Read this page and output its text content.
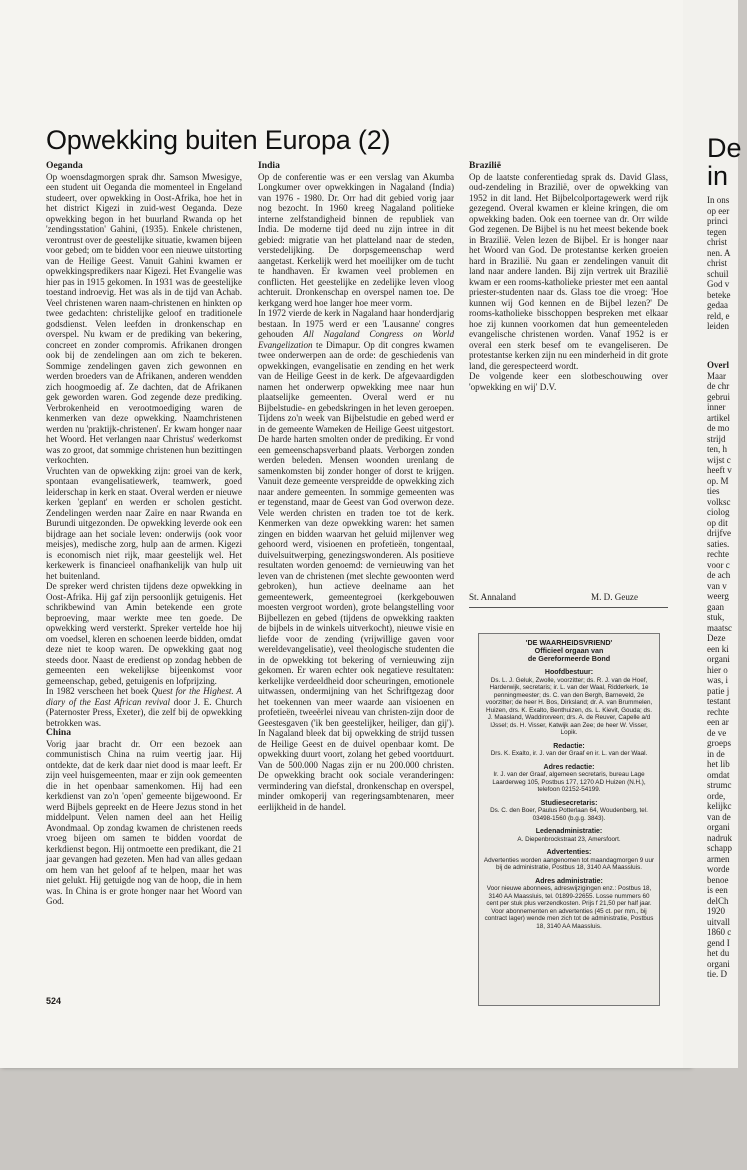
Opwekking buiten Europa (2)

Oeganda

Op woensdagmorgen sprak dhr. Samson Mwesigye, een student uit Oeganda die momenteel in Engeland studeert, over opwekking in Oost-Afrika, hoe het in het district Kigezi in zuid-west Oeganda. Deze opwekking begon in het buurland Rwanda op het 'zendingsstation' Gahini, (1935). Enkele christenen, verontrust over de geestelijke situatie, kwamen bijeen voor gebed; om te bidden voor een nieuwe uitstorting van de Heilige Geest. Vanuit Gahini kwamen er opwekkingspredikers naar Kigezi. Het Evangelie was hier pas in 1915 gekomen. In 1931 was de geestelijke toestand indroevig. Het was als in de tijd van Achab. Veel christenen waren naam-christenen en hinkten op twee gedachten: christelijke geloof en traditionele godsdienst. Velen leefden in dronkenschap en overspel. Nu kwam er de prediking van bekering, concreet en zonder compromis. Afrikanen drongen ook bij de zendelingen aan om zich te bekeren. Sommige zendelingen gaven zich gewonnen en werden broeders van de Afrikanen, anderen wendden zich hoogmoedig af. Ze dachten, dat de Afrikanen gek geworden waren. God zegende deze prediking. Verbrokenheid en verootmoediging waren de kenmerken van deze opwekking. Naamchristenen werden nu 'praktijk-christenen'. Er kwam honger naar het Woord. Het verlangen naar Christus' wederkomst was zo groot, dat sommige christenen hun bezittingen verkochten.

Vruchten van de opwekking zijn: groei van de kerk, spontaan evangelisatiewerk, teamwerk, goed leiderschap in kerk en staat. Overal werden er nieuwe kerken 'geplant' en werden er scholen gesticht. Zendelingen werden naar Zaïre en naar Rwanda en Burundi uitgezonden. De opwekking leverde ook een bijdrage aan het sociale leven: onderwijs (ook voor meisjes), medische zorg, hulp aan de armen. Kigezi is economisch niet rijk, maar geestelijk wel. Het kerkewerk is financieel onafhankelijk van hulp uit het buitenland.

De spreker werd christen tijdens deze opwekking in Oost-Afrika. Hij gaf zijn persoonlijk getuigenis. Het schrikbewind van Amin betekende een grote beproeving, maar werkte mee ten goede. De opwekking werd versterkt. Spreker vertelde hoe hij om voedsel, kleren en schoenen leerde bidden, omdat deze niet te koop waren. De opwekking gaat nog steeds door. Naast de eredienst op zondag hebben de gemeenten een wekelijkse bijeenkomst voor gemeenschap, gebed, getuigenis en lofprijzing.

In 1982 verscheen het boek Quest for the Highest. A diary of the East African revival door J. E. Church (Paternoster Press, Exeter), die zelf bij de opwekking betrokken was.

China

Vorig jaar bracht dr. Orr een bezoek aan communistisch China na ruim veertig jaar. Hij ontdekte, dat de kerk daar niet dood is maar leeft. Er zijn veel huisgemeenten, maar er zijn ook gemeenten die in het openbaar samenkomen. Hij had een kerkdienst van zo'n 'open' gemeente bijgewoond. Er werd Bijbels gepreekt en de Heere Jezus stond in het middelpunt. Velen namen deel aan het Heilig Avondmaal. Op zondag kwamen de christenen reeds vroeg bijeen om samen te bidden voordat de kerkdienst begon. Hij ontmoette een predikant, die 21 jaar gevangen had gezeten. Men had van alles gedaan om hem van het geloof af te helpen, maar het was niet gelukt. Hij getuigde nog van de hoop, die in hem was. In China is er grote honger naar het Woord van God.

India

Op de conferentie was er een verslag van Akumba Longkumer over opwekkingen in Nagaland (India) van 1976 - 1980. Dr. Orr had dit gebied vorig jaar nog bezocht. In 1960 kreeg Nagaland politieke interne zelfstandigheid binnen de republiek van India. De moderne tijd deed nu zijn intree in dit gebied: migratie van het platteland naar de steden, verstedelijking. De dorpsgemeenschap werd aangetast. Kerkelijk werd het moeilijker om de tucht te handhaven. Er kwamen veel problemen en conflicten. Het geestelijke en zedelijke leven vloog achteruit. Dronkenschap en overspel namen toe. De kerkgang werd hoe langer hoe meer vorm.

In 1972 vierde de kerk in Nagaland haar honderdjarig bestaan. In 1975 werd er een 'Lausanne' congres gehouden All Nagaland Congress on World Evangelization te Dimapur. Op dit congres kwamen twee onderwerpen aan de orde: de geschiedenis van opwekkingen, evangelisatie en zending en het werk van de Heilige Geest in de kerk. De afgevaardigden namen het onderwerp opwekking mee naar hun plaatselijke gemeenten. Overal werd er nu Bijbelstudie- en gebedskringen in het leven geroepen. Tijdens zo'n week van Bijbelstudie en gebed werd er in de gemeente Wameken de Heilige Geest uitgestort. De harde harten smolten onder de prediking. Er vond een gemeenschapsverband plaats. Verborgen zonden werden beleden. Mensen woonden urenlang de samenkomsten bij zonder honger of dorst te krijgen. Vanuit deze gemeente verspreidde de opwekking zich naar andere gemeenten. In sommige gemeenten was er tegenstand, maar de Geest van God overwon deze. Vele werden christen en traden toe tot de kerk. Kenmerken van deze opwekking waren: het samen zingen en bidden waarvan het geluid mijlenver weg gehoord werd, visioenen en profetieën, tongentaal, duivelsuitwerping, genezingswonderen. Als positieve resultaten worden genoemd: de vernieuwing van het leven van de christenen (met slechte gewoonten werd gebroken), hun actieve deelname aan het gemeentewerk, gemeentegroei (kerkgebouwen moesten vergroot worden), grote belangstelling voor Bijbellezen en gebed (tijdens de opwekking raakten de bijbels in de winkels uitverkocht), nieuwe visie en liefde voor de zending (vrijwillige gaven voor wereldevangelisatie), veel theologische studenten die in de opwekking tot bekering of vernieuwing zijn gekomen. Er waren echter ook negatieve resultaten: kerkelijke verdeeldheid door scheuringen, emotionele uitwassen, ondermijning van het Schriftgezag door het toekennen van meer waarde aan visioenen en profetieën, tweeërlei niveau van christen-zijn door de Geestesgaven ('ik ben geestelijker, heiliger, dan gij'). In Nagaland bleek dat bij opwekking de strijd tussen de Heilige Geest en de duivel openbaar komt. De opwekking duurt voort, zolang het gebed voortduurt. Van de 500.000 Nagas zijn er nu 200.000 christen. De opwekking bracht ook sociale veranderingen: vermindering van diefstal, dronkenschap en overspel, minder omkoperij van regeringsambtenaren, meer eerlijkheid in de handel.

Brazilië

Op de laatste conferentiedag sprak ds. David Glass, oud-zendeling in Brazilië, over de opwekking van 1952 in dit land. Het Bijbelcolportagewerk werd rijk gezegend. Overal kwamen er kleine kringen, die om opwekking baden. Ook een toernee van dr. Orr wilde God zegenen. De Bijbel is nu het meest bekende boek in Brazilië. Velen lezen de Bijbel. Er is honger naar het Woord van God. De protestantse kerken groeien hard in Brazilië. Nu gaan er zendelingen vanuit dit land naar andere landen. Bij zijn vertrek uit Brazilië kwam er een rooms-katholieke priester met een aantal priester-studenten naar ds. Glass toe die vroeg: 'Hoe kunnen wij God kennen en de Bijbel lezen?' De rooms-katholieke bisschoppen bespreken met elkaar hoe zij kunnen voorkomen dat hun gemeenteleden evangelische christenen worden. Vanaf 1952 is er overal een sterk besef om te evangeliseren. De protestantse kerken zijn nu een minderheid in dit grote land, die gerespecteerd wordt.

De volgende keer een slotbeschouwing over 'opwekking en wij' D.V.

St. Annaland	M. D. Geuze

'DE WAARHEIDSVRIEND'

Officieel orgaan van

de Gereformeerde Bond

Hoofdbestuur:

Ds. L. J. Geluk, Zwolle, voorzitter; ds. R. J. van de Hoef, Harderwijk, secretaris; ir. L. van der Waal, Ridderkerk, 1e penningmeester; ds. C. van den Bergh, Barneveld, 2e voorzitter; de heer H. Bos, Dirksland; dr. A. van Brummelen, Huizen, drs. K. Exalto, Benthuizen, ds. L. Kievit, Gouda; ds. J. Maasland, Waddinxveen; drs. A. de Reuver, Capelle a/d IJssel; ds. H. Visser, Katwijk aan Zee; de heer W. Visser, Lopik.

Redactie:

Drs. K. Exalto, ir. J. van der Graaf en ir. L. van der Waal.

Adres redactie:

Ir. J. van der Graaf, algemeen secretaris, bureau Lage Laarderweg 105, Postbus 177, 1270 AD Huizen (N.H.), telefoon 02152-54199.

Studiesecretaris:

Ds. C. den Boer, Paulus Potterlaan 64, Woudenberg, tel. 03498-1560 (b.g.g. 3843).

Ledenadministratie:

A. Diepenbrockstraat 23, Amersfoort.

Advertenties:

Advertenties worden aangenomen tot maandagmorgen 9 uur bij de administratie, Postbus 18, 3140 AA Maassluis.

Adres administratie:

Voor nieuwe abonnees, adreswijzigingen enz.: Postbus 18, 3140 AA Maassluis, tel. 01899-22655. Losse nummers 60 cent per stuk plus verzendkosten. Prijs f 21,50 per half jaar. Voor abonnementen en advertenties (45 ct. per mm., bij contract lager) wende men zich tot de administratie, Postbus 18, 3140 AA Maassluis.

524
De
in
In ons
op eer
princi
tegen
christ
nen. A
christ
schuil
God v
beteke
gedaa
reld, e
leiden
Overl
Maar
de chr
gebrui
inner
artikel
de mo
strijd
ten, h
wijst c
heeft v
op. M
ties
volksc
ciolog
op dit
drijfve
saties.
rechte
voor c
de ach
van v
weerg
gaan
stuk,
maatsc
Deze
een ki
organi
hier o
was, i
patie j
testant
rechte
een ar
de ve
groeps
in de
het lib
omdat
strumc
orde,
kelijkc
van de
organi
nadruk
schapp
armen
worde
benoe
is een
delCh
1920
uitvall
1860 c
gend I
het du
organi
tie. D
